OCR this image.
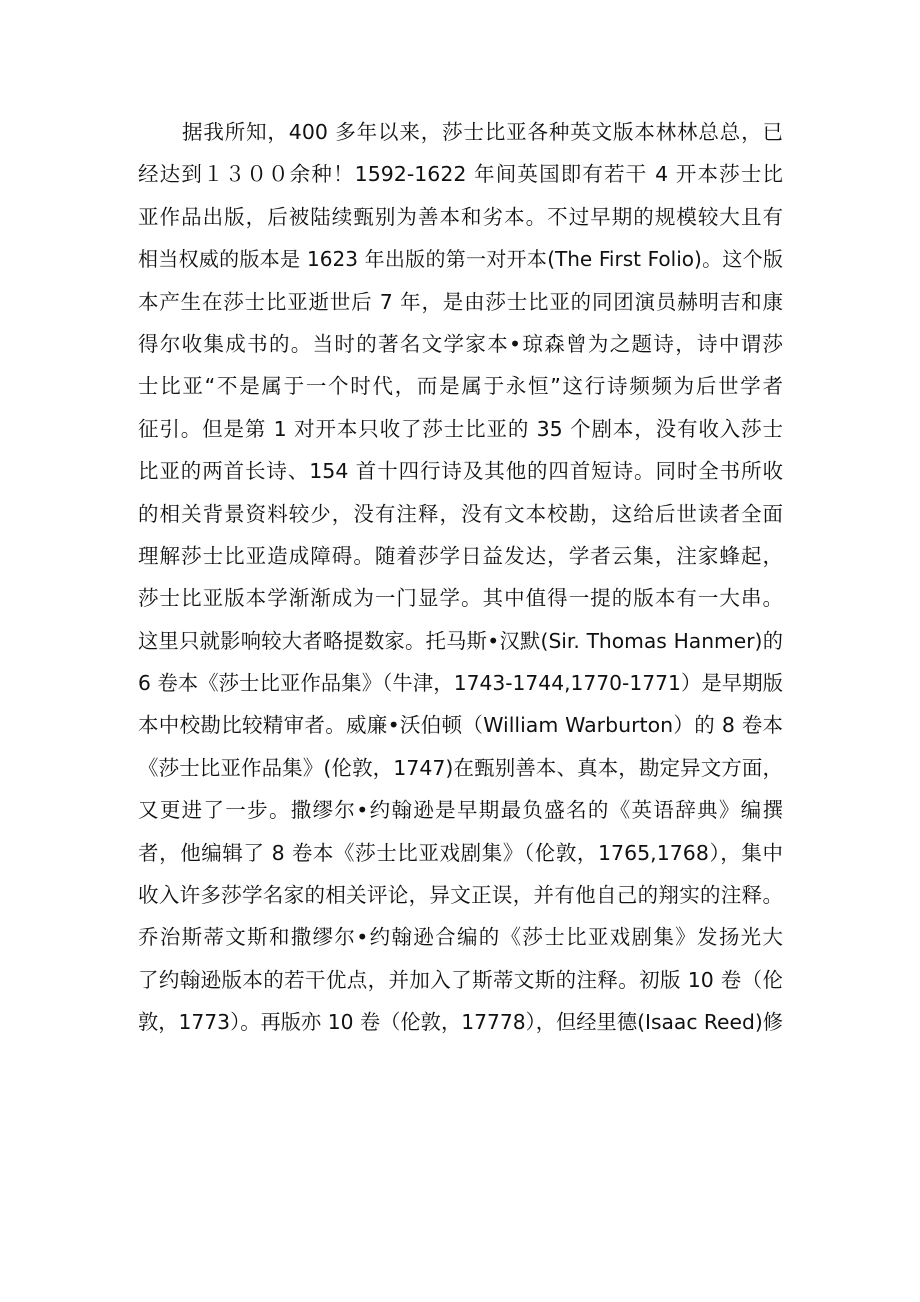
据我所知，400 多年以来，莎士比亚各种英文版本林林总总，已
经达到１３００余种！1592-1622 年间英国即有若干 4 开本莎士比
亚作品出版，后被陆续甄别为善本和劣本。不过早期的规模较大且有
相当权威的版本是 1623 年出版的第一对开本(The First Folio)。这个版
本产生在莎士比亚逝世后 7 年，是由莎士比亚的同团演员赫明吉和康
得尔收集成书的。当时的著名文学家本•琼森曾为之题诗，诗中谓莎
士比亚“不是属于一个时代，而是属于永恒”这行诗频频为后世学者
征引。但是第 1 对开本只收了莎士比亚的 35 个剧本，没有收入莎士
比亚的两首长诗、154 首十四行诗及其他的四首短诗。同时全书所收
的相关背景资料较少，没有注释，没有文本校勘，这给后世读者全面
理解莎士比亚造成障碍。随着莎学日益发达，学者云集，注家蜂起，
莎士比亚版本学渐渐成为一门显学。其中值得一提的版本有一大串。
这里只就影响较大者略提数家。托马斯•汉默(Sir. Thomas Hanmer)的
6 卷本《莎士比亚作品集》（牛津，1743-1744,1770-1771）是早期版
本中校勘比较精审者。威廉•沃伯顿（William Warburton）的 8 卷本
《莎士比亚作品集》(伦敦，1747)在甄别善本、真本，勘定异文方面，
又更进了一步。撒缪尔•约翰逊是早期最负盛名的《英语辞典》编撰
者，他编辑了 8 卷本《莎士比亚戏剧集》（伦敦，1765,1768），集中
收入许多莎学名家的相关评论，异文正误，并有他自己的翔实的注释。
乔治斯蒂文斯和撒缪尔•约翰逊合编的《莎士比亚戏剧集》发扬光大
了约翰逊版本的若干优点，并加入了斯蒂文斯的注释。初版 10 卷（伦
敦，1773）。再版亦 10 卷（伦敦，17778），但经里德(Isaac Reed)修
